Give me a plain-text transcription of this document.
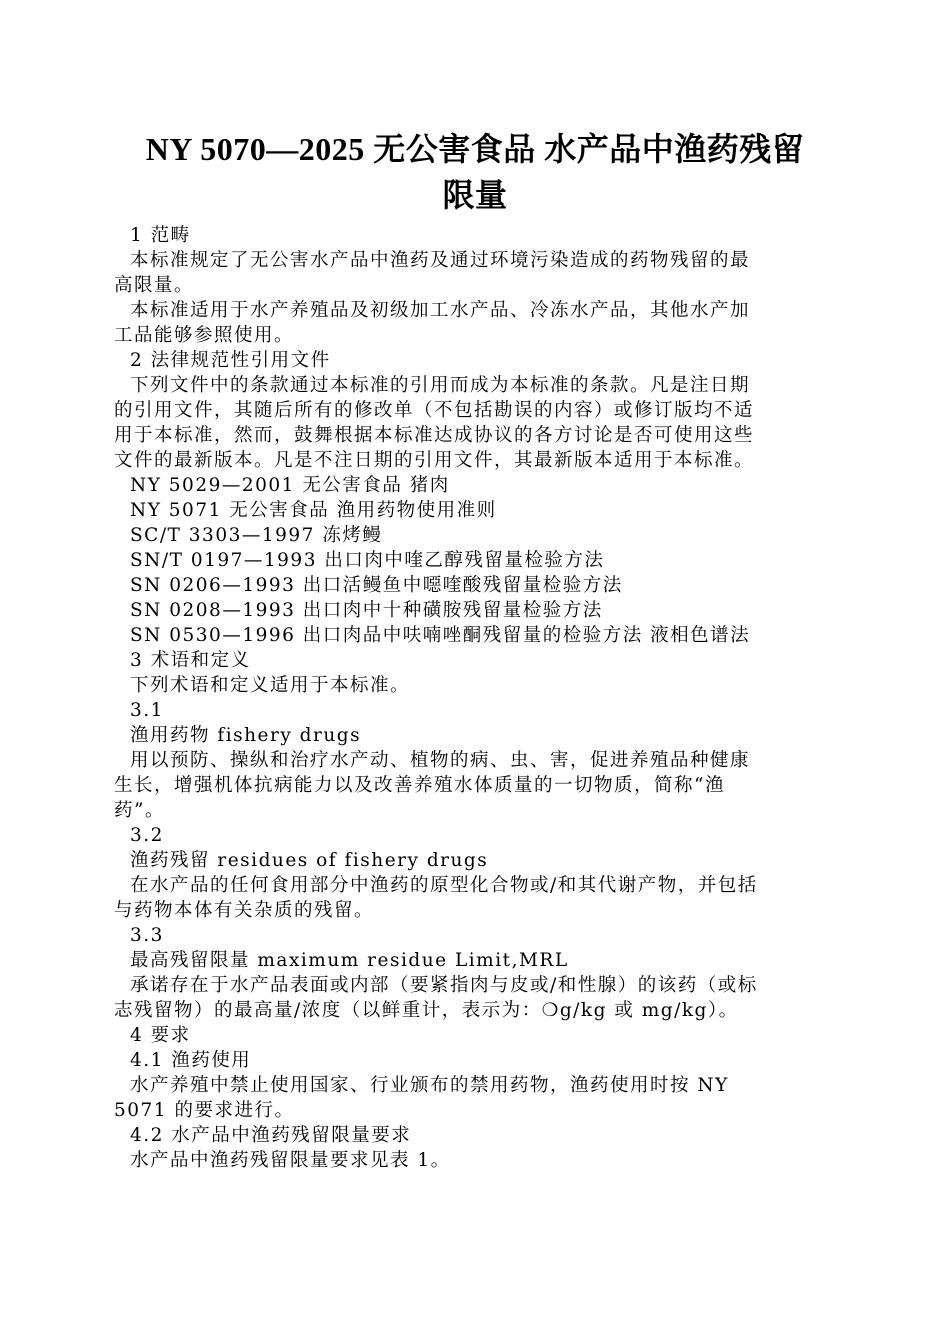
NY 5070—2025 无公害食品 水产品中渔药残留
限量
1 范畴
本标准规定了无公害水产品中渔药及通过环境污染造成的药物残留的最
高限量。
本标准适用于水产养殖品及初级加工水产品、冷冻水产品，其他水产加
工品能够参照使用。
2 法律规范性引用文件
下列文件中的条款通过本标准的引用而成为本标准的条款。凡是注日期
的引用文件，其随后所有的修改单（不包括勘误的内容）或修订版均不适
用于本标准，然而，鼓舞根据本标准达成协议的各方讨论是否可使用这些
文件的最新版本。凡是不注日期的引用文件，其最新版本适用于本标准。
NY 5029—2001 无公害食品 猪肉
NY 5071 无公害食品 渔用药物使用准则
SC/T 3303—1997 冻烤鳗
SN/T 0197—1993 出口肉中喹乙醇残留量检验方法
SN 0206—1993 出口活鳗鱼中噁喹酸残留量检验方法
SN 0208—1993 出口肉中十种磺胺残留量检验方法
SN 0530—1996 出口肉品中呋喃唑酮残留量的检验方法 液相色谱法
3 术语和定义
下列术语和定义适用于本标准。
3.1
渔用药物 fishery drugs
用以预防、操纵和治疗水产动、植物的病、虫、害，促进养殖品种健康
生长，增强机体抗病能力以及改善养殖水体质量的一切物质，简称“渔
药”。
3.2
渔药残留 residues of fishery drugs
在水产品的任何食用部分中渔药的原型化合物或/和其代谢产物，并包括
与药物本体有关杂质的残留。
3.3
最高残留限量 maximum residue Limit,MRL
承诺存在于水产品表面或内部（要紧指肉与皮或/和性腺）的该药（或标
志残留物）的最高量/浓度（以鲜重计，表示为：❍g/kg 或 mg/kg）。
4 要求
4.1 渔药使用
水产养殖中禁止使用国家、行业颁布的禁用药物，渔药使用时按 NY
5071 的要求进行。
4.2 水产品中渔药残留限量要求
水产品中渔药残留限量要求见表 1。
